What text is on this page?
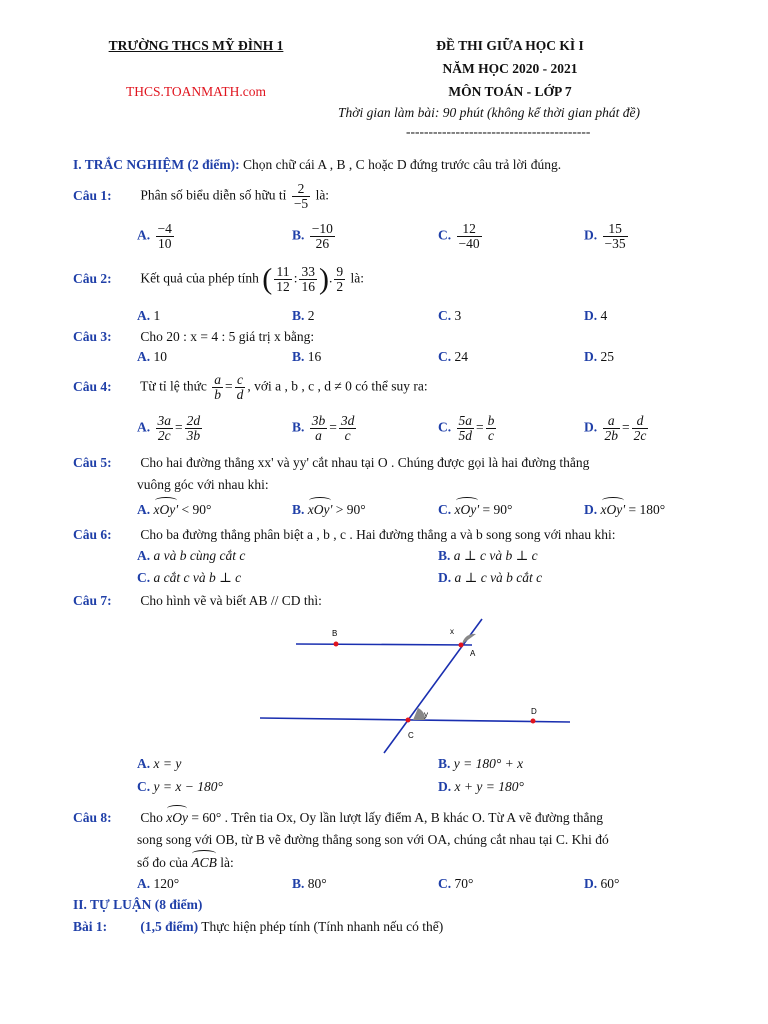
TRƯỜNG THCS MỸ ĐÌNH 1
THCS.TOANMATH.com
ĐỀ THI GIỮA HỌC KÌ I
NĂM HỌC 2020 - 2021
MÔN TOÁN - LỚP 7
Thời gian làm bài: 90 phút (không kể thời gian phát đề)
-----------------------------------------
I. TRẮC NGHIỆM (2 điểm): Chọn chữ cái A , B , C hoặc D đứng trước câu trả lời đúng.
Câu 1: Phân số biểu diễn số hữu tỉ $\frac{2}{-5}$ là:
A. $\frac{-4}{10}$	B. $\frac{-10}{26}$	C. $\frac{12}{-40}$	D. $\frac{15}{-35}$
Câu 2: Kết quả của phép tính ( $\frac{11}{12}$ : $\frac{33}{16}$ ). $\frac{9}{2}$ là:
A. 1	B. 2	C. 3	D. 4
Câu 3: Cho 20 : x = 4 : 5 giá trị x bằng:
A. 10	B. 16	C. 24	D. 25
Câu 4: Từ tỉ lệ thức $\frac{a}{b} = \frac{c}{d}$ , với a , b , c , d ≠ 0 có thể suy ra:
A. $\frac{3a}{2c} = \frac{2d}{3b}$	B. $\frac{3b}{a} = \frac{3d}{c}$	C. $\frac{5a}{5d} = \frac{b}{c}$	D. $\frac{a}{2b} = \frac{d}{2c}$
Câu 5: Cho hai đường thẳng xx' và yy' cắt nhau tại O . Chúng được gọi là hai đường thẳng
vuông góc với nhau khi:
A. xOy' < 90°	B. xOy' > 90°	C. xOy' = 90°	D. xOy' = 180°
Câu 6: Cho ba đường thẳng phân biệt a , b , c . Hai đường thẳng a và b song song với nhau khi:
A. a và b cùng cắt c	B. a ⊥ c và b ⊥ c
C. a cắt c và b ⊥ c	D. a ⊥ c và b cắt c
Câu 7: Cho hình vẽ và biết AB // CD thì:
B
A
C
D
x
y
A. x = y	B. y = 180° + x
C. y = x − 180°	D. x + y = 180°
Câu 8: Cho xOy = 60° . Trên tia Ox, Oy lần lượt lấy điểm A, B khác O. Từ A vẽ đường thẳng
song song với OB, từ B vẽ đường thẳng song son với OA, chúng cắt nhau tại C. Khi đó
số đo của ACB là:
A. 120°	B. 80°	C. 70°	D. 60°
II. TỰ LUẬN (8 điểm)
Bài 1: (1,5 điểm) Thực hiện phép tính (Tính nhanh nếu có thể)
